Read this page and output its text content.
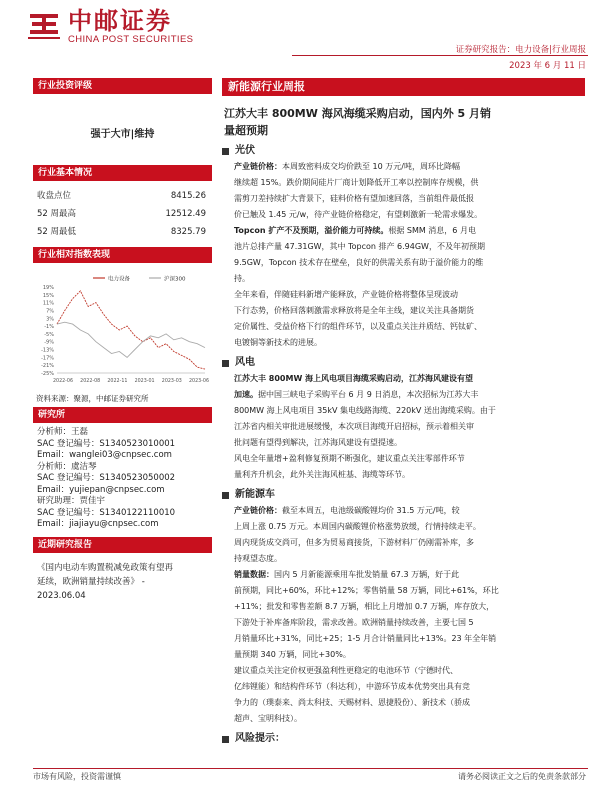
中邮证券
CHINA POST SECURITIES
证券研究报告：电力设备|行业周报
2023 年 6 月 11 日
行业投资评级
强于大市|维持
行业基本情况
收盘点位	8415.26
52 周最高	12512.49
52 周最低	8325.79
行业相对指数表现
电力设备	沪深300
19%
15%
11%
7%
3%
-1%
-5%
-9%
-13%
-17%
-21%
-25%
2022-06 2022-08 2022-11 2023-01 2023-03 2023-06
资料来源：聚源，中邮证券研究所
研究所
分析师：王磊
SAC 登记编号：S1340523010001
Email：wanglei03@cnpsec.com
分析师：虞洁琴
SAC 登记编号：S1340523050002
Email：yujiepan@cnpsec.com
研究助理：贾佳宇
SAC 登记编号：S1340122110010
Email：jiajiayu@cnpsec.com
近期研究报告
《国内电动车购置税减免政策有望再
延续，欧洲销量持续改善》 -
2023.06.04
新能源行业周报
江苏大丰 800MW 海风海缆采购启动，国内外 5 月销
量超预期
光伏
产业链价格：本周致密料成交均价跌至 10 万元/吨，周环比降幅
继续超 15%。跌价期间硅片厂商计划降低开工率以控制库存规模，供
需剪刀差持续扩大背景下，硅料价格有望加速回落，当前组件最低报
价已触及 1.45 元/w，待产业链价格稳定，有望刺激新一轮需求爆发。
Topcon 扩产不及预期，溢价能力可持续。根据 SMM 消息，6 月电
池片总排产量 47.31GW，其中 Topcon 排产 6.94GW，不及年初预期
9.5GW，Topcon 技术存在壁垒，良好的供需关系有助于溢价能力的维
持。
全年来看，伴随硅料新增产能释放，产业链价格将整体呈现波动
下行态势，价格回落刺激需求释放将是全年主线，建议关注具备期货
定价属性、受益价格下行的组件环节，以及重点关注并质结、钙钛矿、
电镀铜等新技术的进展。
风电
江苏大丰 800MW 海上风电项目海缆采购启动，江苏海风建设有望
加速。据中国三峡电子采购平台 6 月 9 日消息，本次招标为江苏大丰
800MW 海上风电项目 35kV 集电线路海缆、220kV 送出海缆采购。由于
江苏省内相关审批进展缓慢，本次项目海缆开启招标，预示着相关审
批问题有望得到解决，江苏海风建设有望提速。
风电全年量增+盈利修复预期不断强化，建议重点关注零部件环节
量利齐升机会，此外关注海风桩基、海缆等环节。
新能源车
产业链价格：截至本周五，电池级碳酸锂均价 31.5 万元/吨，较
上周上涨 0.75 万元。本周国内碳酸锂价格涨势放缓，行情持续走平。
周内现货成交尚可，但多为贸易商接货，下游材料厂仍刚需补库，多
持观望态度。
销量数据：国内 5 月新能源乘用车批发销量 67.3 万辆，好于此
前预期，同比+60%，环比+12%；零售销量 58 万辆，同比+61%，环比
+11%；批发和零售差额 8.7 万辆，相比上月增加 0.7 万辆，库存放大，
下游处于补库备库阶段，需求改善。欧洲销量持续改善，主要七国 5
月销量环比+31%，同比+25；1-5 月合计销量同比+13%。23 年全年销
量预期 340 万辆，同比+30%。
建议重点关注定价权更强盈利性更稳定的电池环节（宁德时代、
亿纬锂能）和结构件环节（科达利），中游环节成本优势突出具有竞
争力的（璞泰来、尚太科技、天赐材料、恩捷股份）、新技术（骄成
超声、宝明科技）。
风险提示：
市场有风险，投资需谨慎	请务必阅读正文之后的免责条款部分
